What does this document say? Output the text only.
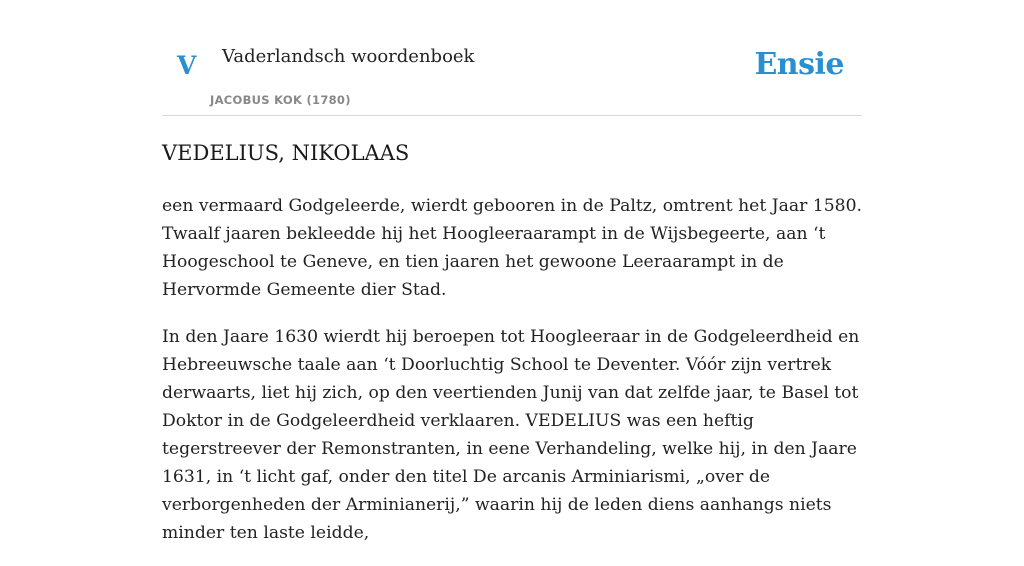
V Vaderlandsch woordenboek
JACOBUS KOK (1780)
Ensie
VEDELIUS, NIKOLAAS

een vermaard Godgeleerde, wierdt gebooren in de Paltz, omtrent het Jaar 1580. Twaalf jaaren bekleedde hij het Hoogleeraarampt in de Wijsbegeerte, aan ‘t Hoogeschool te Geneve, en tien jaaren het gewoone Leeraarampt in de Hervormde Gemeente dier Stad.

In den Jaare 1630 wierdt hij beroepen tot Hoogleeraar in de Godgeleerdheid en Hebreeuwsche taale aan ‘t Doorluchtig School te Deventer. Vóór zijn vertrek derwaarts, liet hij zich, op den veertienden Junij van dat zelfde jaar, te Basel tot Doktor in de Godgeleerdheid verklaaren. VEDELIUS was een heftig tegerstreever der Remonstranten, in eene Verhandeling, welke hij, in den Jaare 1631, in ‘t licht gaf, onder den titel De arcanis Arminiarismi, „over de verborgenheden der Arminianerij,” waarin hij de leden diens aanhangs niets minder ten laste leidde,
